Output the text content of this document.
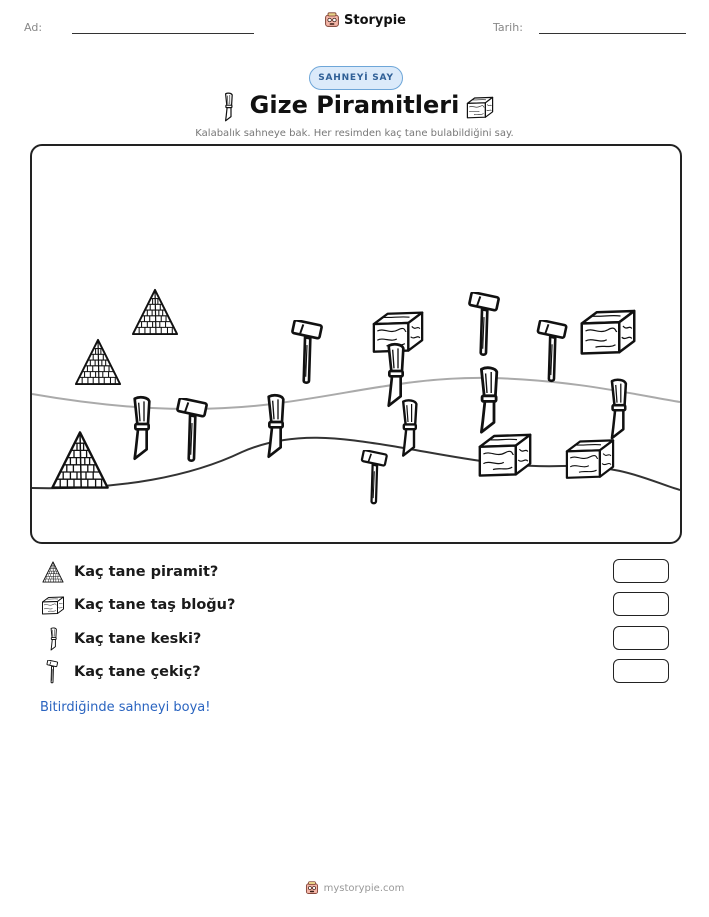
Ad:	Storypie	Tarih:
SAHNEYİ SAY
Gize Piramitleri
Kalabalık sahneye bak. Her resimden kaç tane bulabildiğini say.
Kaç tane piramit?
Kaç tane taş bloğu?
Kaç tane keski?
Kaç tane çekiç?
Bitirdiğinde sahneyi boya!
mystorypie.com
